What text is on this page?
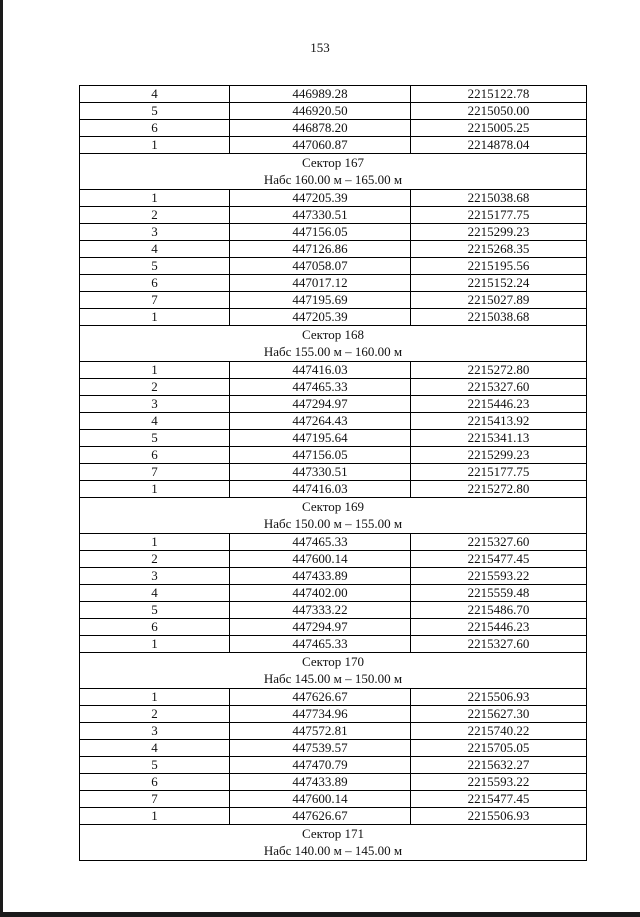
153
4	446989.28	2215122.78
5	446920.50	2215050.00
6	446878.20	2215005.25
1	447060.87	2214878.04

Сектор 167
Набс 160.00 м – 165.00 м		

1	447205.39	2215038.68
2	447330.51	2215177.75
3	447156.05	2215299.23
4	447126.86	2215268.35
5	447058.07	2215195.56
6	447017.12	2215152.24
7	447195.69	2215027.89
1	447205.39	2215038.68

Сектор 168
Набс 155.00 м – 160.00 м		

1	447416.03	2215272.80
2	447465.33	2215327.60
3	447294.97	2215446.23
4	447264.43	2215413.92
5	447195.64	2215341.13
6	447156.05	2215299.23
7	447330.51	2215177.75
1	447416.03	2215272.80

Сектор 169
Набс 150.00 м – 155.00 м		

1	447465.33	2215327.60
2	447600.14	2215477.45
3	447433.89	2215593.22
4	447402.00	2215559.48
5	447333.22	2215486.70
6	447294.97	2215446.23
1	447465.33	2215327.60

Сектор 170
Набс 145.00 м – 150.00 м		

1	447626.67	2215506.93
2	447734.96	2215627.30
3	447572.81	2215740.22
4	447539.57	2215705.05
5	447470.79	2215632.27
6	447433.89	2215593.22
7	447600.14	2215477.45
1	447626.67	2215506.93

Сектор 171
Набс 140.00 м – 145.00 м		
